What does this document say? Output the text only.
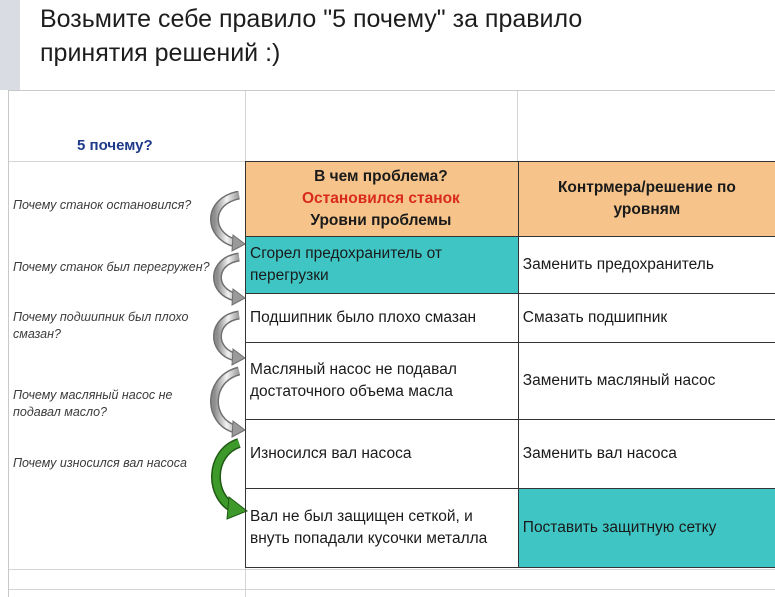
Возьмите себе правило "5 почему" за правило
принятия решений :)
5 почему?
Почему станок остановился?
Почему станок был перегружен?
Почему подшипник был плохо смазан?
Почему масляный насос не подавал масло?
Почему износился вал насоса
В чем проблема?
Остановился станок
Уровни проблемы	Контрмера/решение по уровням
Сгорел предохранитель от перегрузки	Заменить предохранитель
Подшипник было плохо смазан	Смазать подшипник
Масляный насос не подавал достаточного объема масла	Заменить масляный насос
Износился вал насоса	Заменить вал насоса
Вал не был защищен сеткой, и внуть попадали кусочки металла	Поставить защитную сетку
